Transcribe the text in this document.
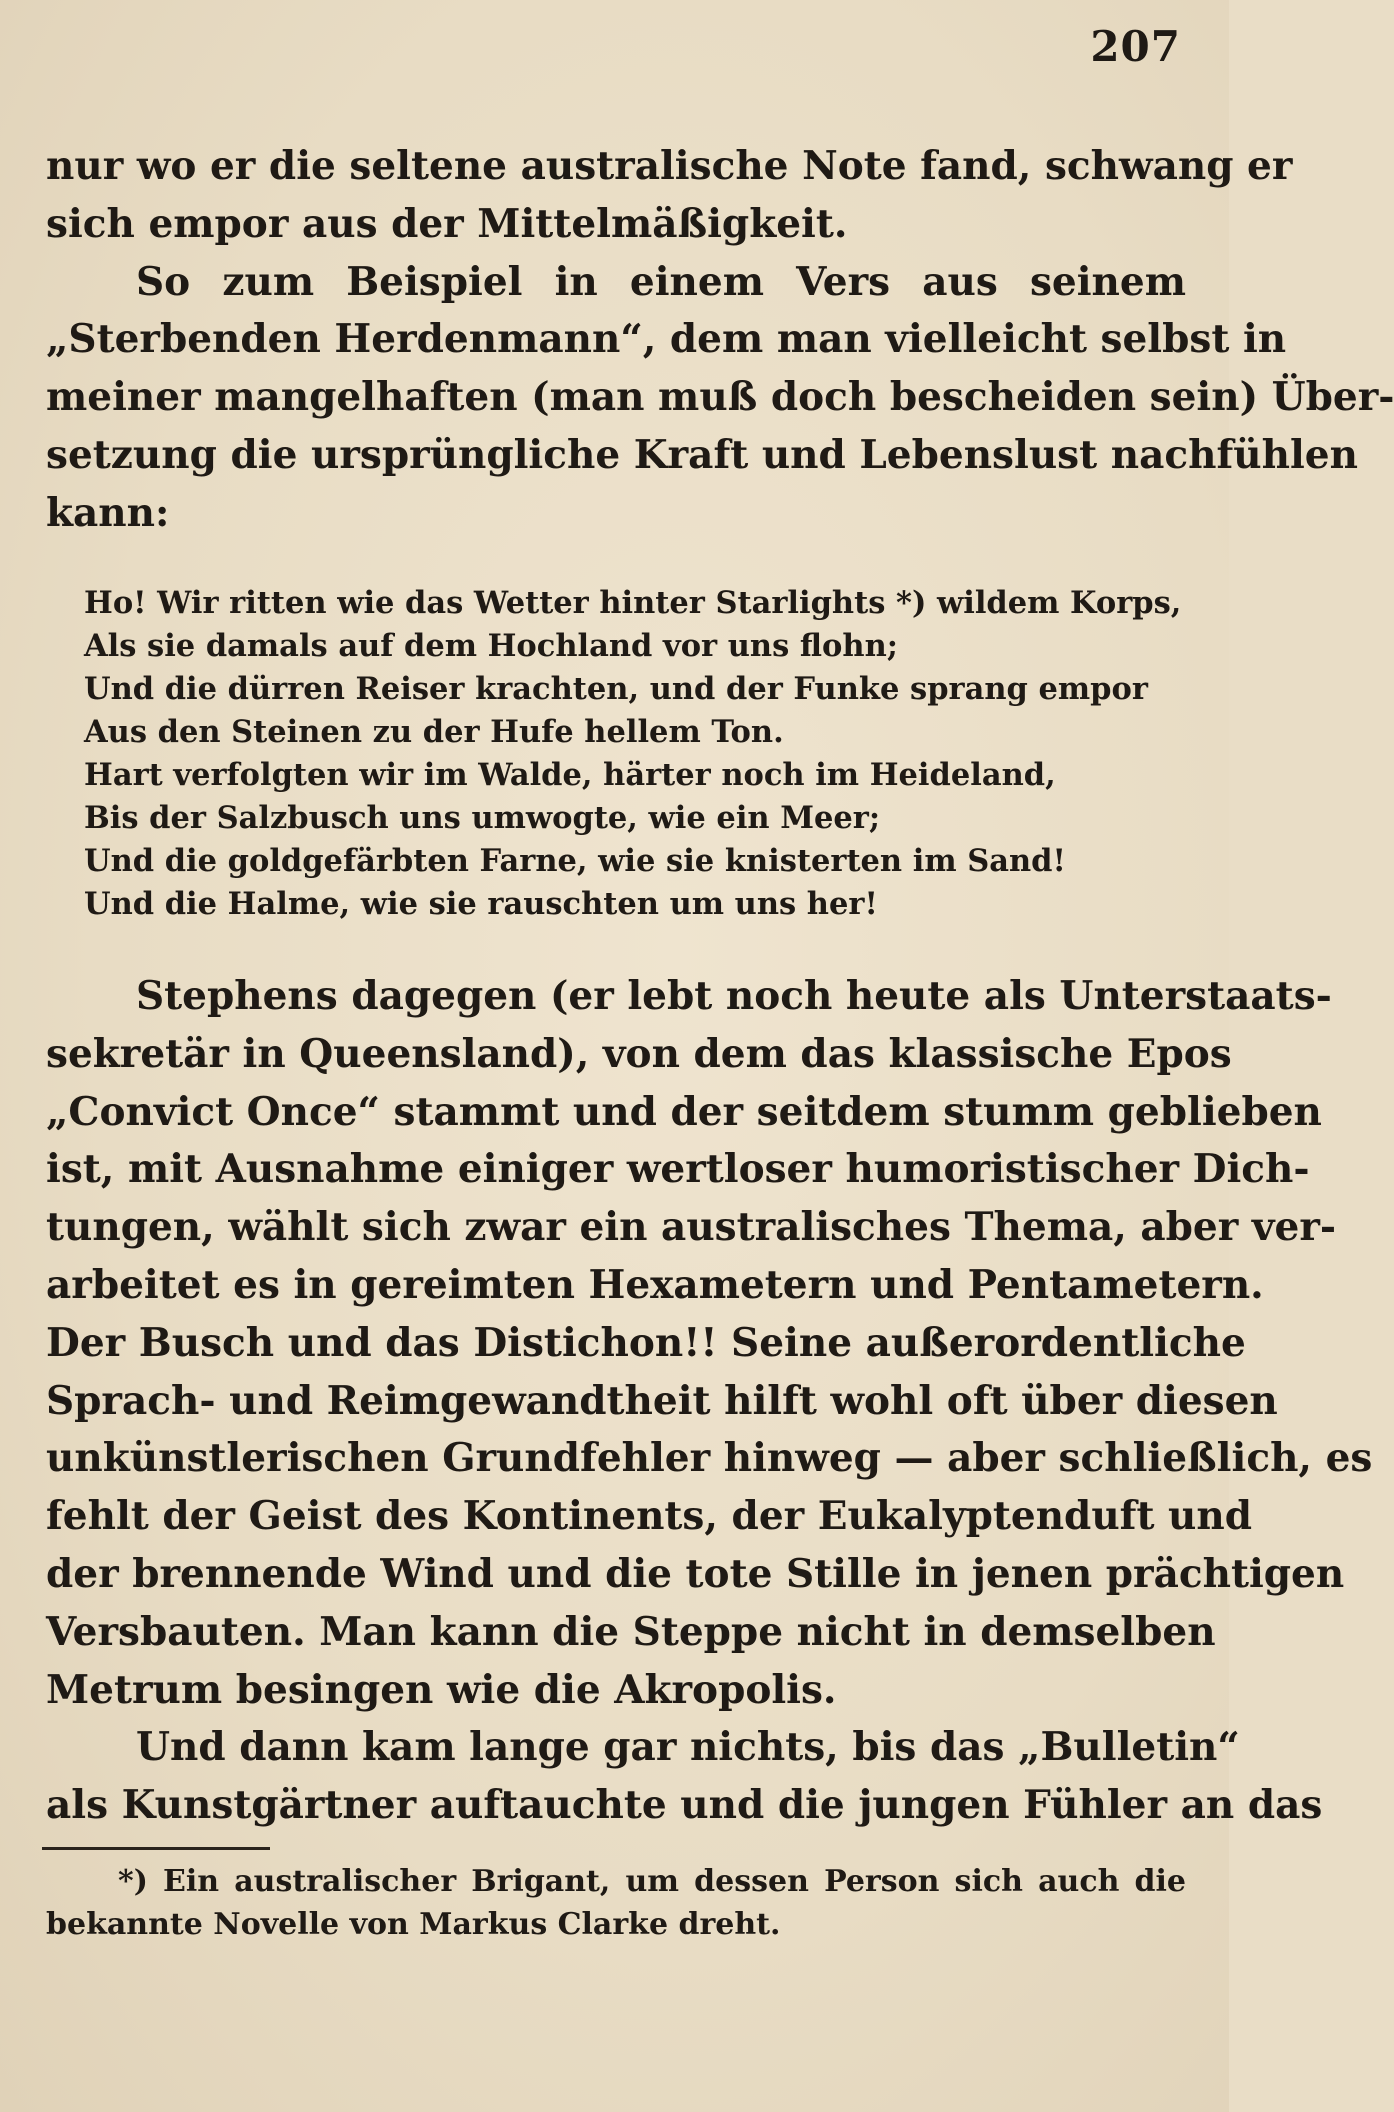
207
nur wo er die seltene australische Note fand, schwang er
sich empor aus der Mittelmäßigkeit.
So zum Beispiel in einem Vers aus seinem
„Sterbenden Herdenmann“, dem man vielleicht selbst in
meiner mangelhaften (man muß doch bescheiden sein) Über-
setzung die ursprüngliche Kraft und Lebenslust nachfühlen
kann:
Ho! Wir ritten wie das Wetter hinter Starlights *) wildem Korps,
Als sie damals auf dem Hochland vor uns flohn;
Und die dürren Reiser krachten, und der Funke sprang empor
Aus den Steinen zu der Hufe hellem Ton.
Hart verfolgten wir im Walde, härter noch im Heideland,
Bis der Salzbusch uns umwogte, wie ein Meer;
Und die goldgefärbten Farne, wie sie knisterten im Sand!
Und die Halme, wie sie rauschten um uns her!
Stephens dagegen (er lebt noch heute als Unterstaats-
sekretär in Queensland), von dem das klassische Epos
„Convict Once“ stammt und der seitdem stumm geblieben
ist, mit Ausnahme einiger wertloser humoristischer Dich-
tungen, wählt sich zwar ein australisches Thema, aber ver-
arbeitet es in gereimten Hexametern und Pentametern.
Der Busch und das Distichon!! Seine außerordentliche
Sprach- und Reimgewandtheit hilft wohl oft über diesen
unkünstlerischen Grundfehler hinweg — aber schließlich, es
fehlt der Geist des Kontinents, der Eukalyptenduft und
der brennende Wind und die tote Stille in jenen prächtigen
Versbauten. Man kann die Steppe nicht in demselben
Metrum besingen wie die Akropolis.
Und dann kam lange gar nichts, bis das „Bulletin“
als Kunstgärtner auftauchte und die jungen Fühler an das
*) Ein australischer Brigant, um dessen Person sich auch die
bekannte Novelle von Markus Clarke dreht.
